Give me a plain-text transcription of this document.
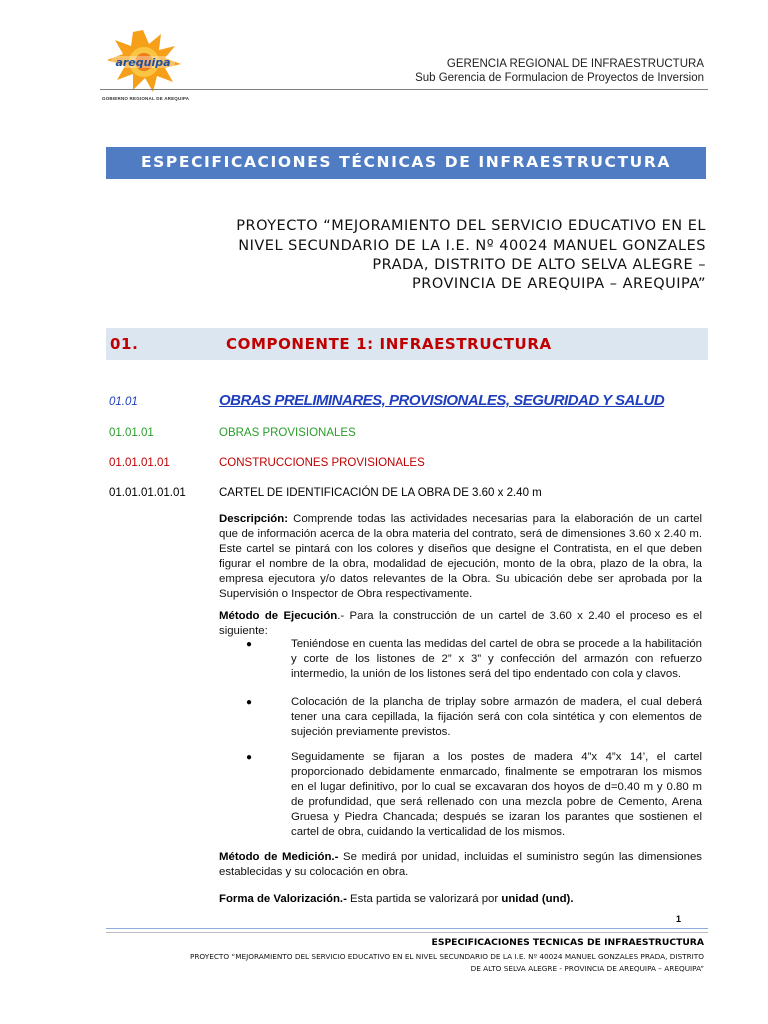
arequipa
GOBIERNO REGIONAL DE AREQUIPA
GERENCIA REGIONAL DE INFRAESTRUCTURA
Sub Gerencia de Formulacion de Proyectos de Inversion
ESPECIFICACIONES TÉCNICAS DE INFRAESTRUCTURA
PROYECTO “MEJORAMIENTO DEL SERVICIO EDUCATIVO EN EL
NIVEL SECUNDARIO DE LA I.E. Nº 40024 MANUEL GONZALES
PRADA, DISTRITO DE ALTO SELVA ALEGRE –
PROVINCIA DE AREQUIPA – AREQUIPA”
01.	COMPONENTE 1: INFRAESTRUCTURA
01.01	OBRAS PRELIMINARES, PROVISIONALES, SEGURIDAD Y SALUD
01.01.01	OBRAS PROVISIONALES
01.01.01.01	CONSTRUCCIONES PROVISIONALES
01.01.01.01.01	CARTEL DE IDENTIFICACIÓN DE LA OBRA DE 3.60 x 2.40 m
Descripción: Comprende todas las actividades necesarias para la elaboración de un cartel que de información acerca de la obra materia del contrato, será de dimensiones 3.60 x 2.40 m. Este cartel se pintará con los colores y diseños que designe el Contratista, en el que deben figurar el nombre de la obra, modalidad de ejecución, monto de la obra, plazo de la obra, la empresa ejecutora y/o datos relevantes de la Obra. Su ubicación debe ser aprobada por la Supervisión o Inspector de Obra respectivamente.
Método de Ejecución.- Para la construcción de un cartel de 3.60 x 2.40 el proceso es el siguiente:
●	Teniéndose en cuenta las medidas del cartel de obra se procede a la habilitación y corte de los listones de 2” x 3” y confección del armazón con refuerzo intermedio, la unión de los listones será del tipo endentado con cola y clavos.
●	Colocación de la plancha de triplay sobre armazón de madera, el cual deberá tener una cara cepillada, la fijación será con cola sintética y con elementos de sujeción previamente previstos.
●	Seguidamente se fijaran a los postes de madera 4”x 4”x 14’, el cartel proporcionado debidamente enmarcado, finalmente se empotraran los mismos en el lugar definitivo, por lo cual se excavaran dos hoyos de d=0.40 m y 0.80 m de profundidad, que será rellenado con una mezcla pobre de Cemento, Arena Gruesa y Piedra Chancada; después se izaran los parantes que sostienen el cartel de obra, cuidando la verticalidad de los mismos.
Método de Medición.- Se medirá por unidad, incluidas el suministro según las dimensiones establecidas y su colocación en obra.
Forma de Valorización.- Esta partida se valorizará por unidad (und).
1
ESPECIFICACIONES TECNICAS DE INFRAESTRUCTURA
PROYECTO “MEJORAMIENTO DEL SERVICIO EDUCATIVO EN EL NIVEL SECUNDARIO DE LA I.E. Nº 40024 MANUEL GONZALES PRADA, DISTRITO
DE ALTO SELVA ALEGRE - PROVINCIA DE AREQUIPA – AREQUIPA”
